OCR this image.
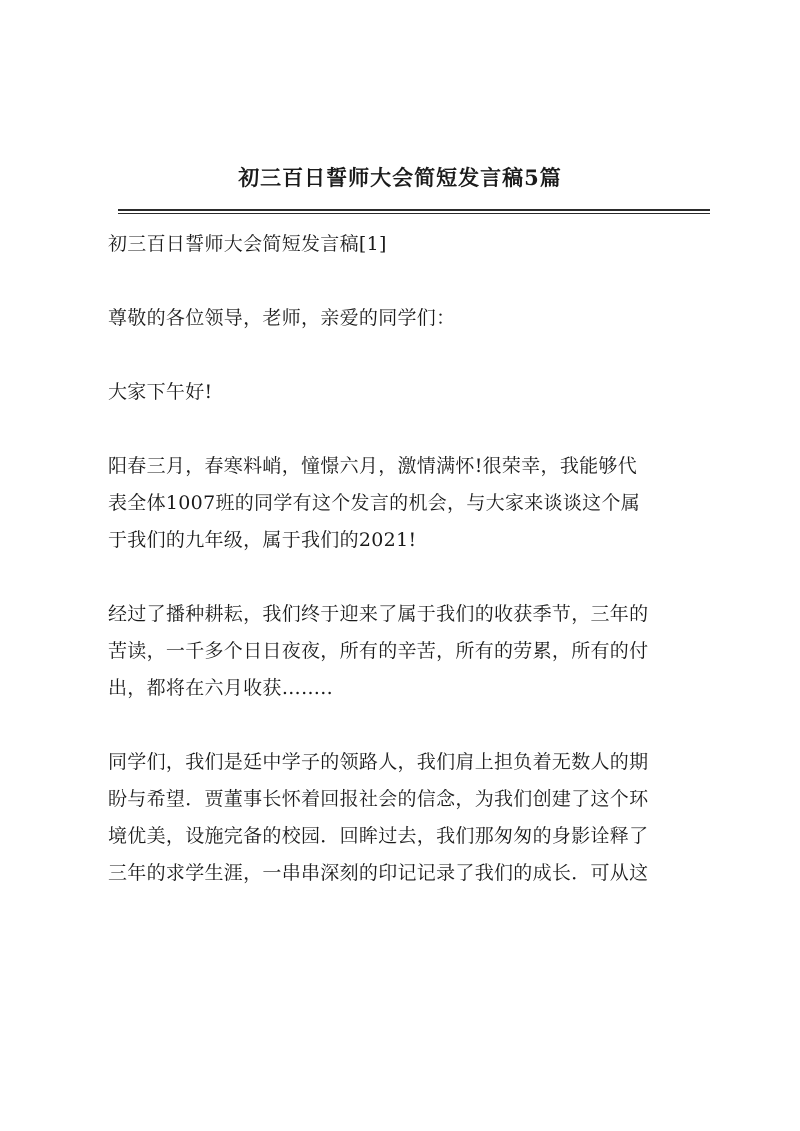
初三百日誓师大会简短发言稿5篇

初三百日誓师大会简短发言稿[1]

尊敬的各位领导，老师，亲爱的同学们：

大家下午好!

阳春三月，春寒料峭，憧憬六月，激情满怀!很荣幸，我能够代
表全体1007班的同学有这个发言的机会，与大家来谈谈这个属
于我们的九年级，属于我们的2021!

经过了播种耕耘，我们终于迎来了属于我们的收获季节，三年的
苦读，一千多个日日夜夜，所有的辛苦，所有的劳累，所有的付
出，都将在六月收获……..

同学们，我们是廷中学子的领路人，我们肩上担负着无数人的期
盼与希望．贾董事长怀着回报社会的信念，为我们创建了这个环
境优美，设施完备的校园．回眸过去，我们那匆匆的身影诠释了
三年的求学生涯，一串串深刻的印记记录了我们的成长．可从这
